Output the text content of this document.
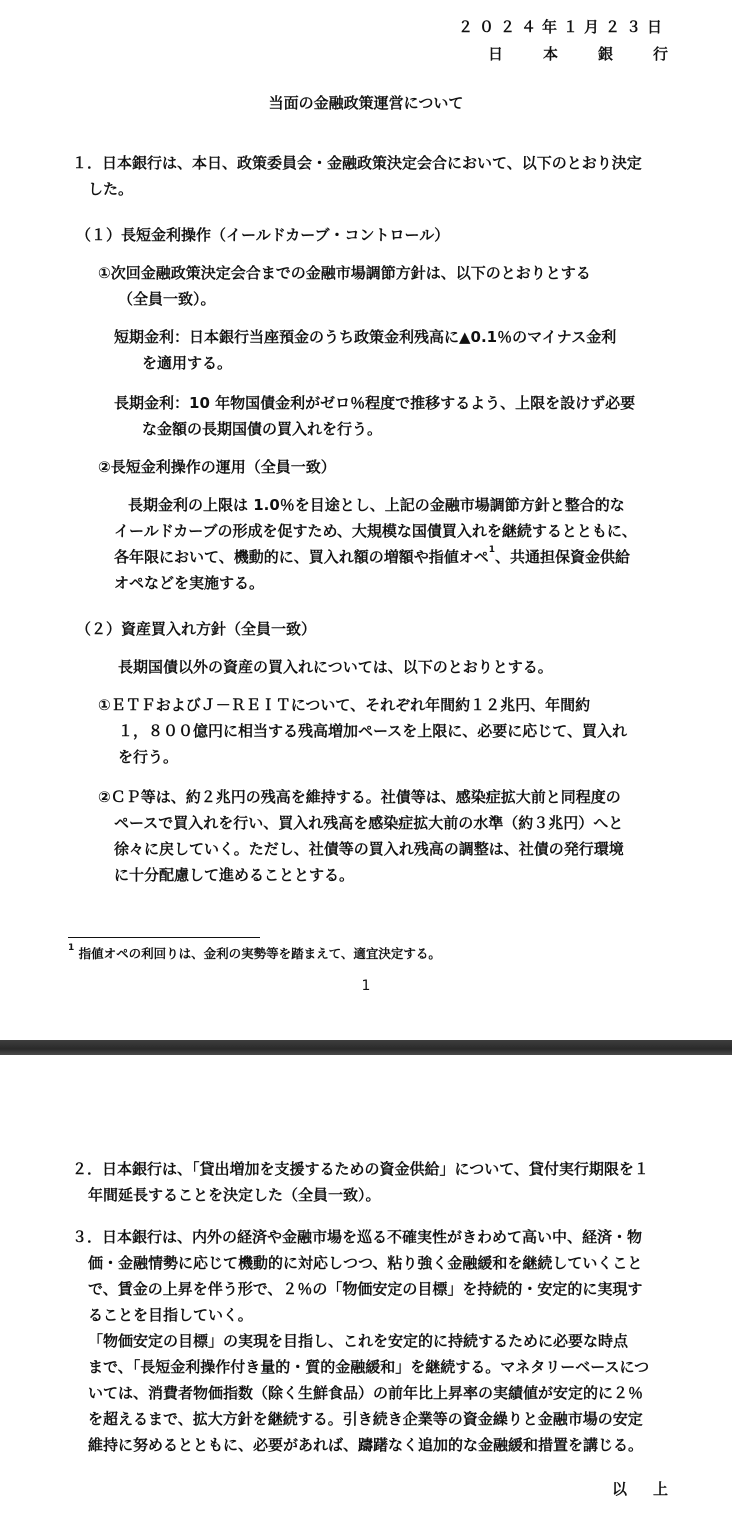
２０２４年１月２３日
日本銀行
当面の金融政策運営について
１．日本銀行は、本日、政策委員会・金融政策決定会合において、以下のとおり決定
した。
（１）長短金利操作（イールドカーブ・コントロール）
①次回金融政策決定会合までの金融市場調節方針は、以下のとおりとする
（全員一致）。
短期金利：日本銀行当座預金のうち政策金利残高に▲0.1％のマイナス金利
を適用する。
長期金利：10 年物国債金利がゼロ％程度で推移するよう、上限を設けず必要
な金額の長期国債の買入れを行う。
②長短金利操作の運用（全員一致）
長期金利の上限は 1.0％を目途とし、上記の金融市場調節方針と整合的な
イールドカーブの形成を促すため、大規模な国債買入れを継続するとともに、
各年限において、機動的に、買入れ額の増額や指値オペ$^1$、共通担保資金供給
オペなどを実施する。
（２）資産買入れ方針（全員一致）
長期国債以外の資産の買入れについては、以下のとおりとする。
①ＥＴＦおよびＪ－ＲＥＩＴについて、それぞれ年間約１２兆円、年間約
１，８００億円に相当する残高増加ペースを上限に、必要に応じて、買入れ
を行う。
②ＣＰ等は、約２兆円の残高を維持する。社債等は、感染症拡大前と同程度の
ペースで買入れを行い、買入れ残高を感染症拡大前の水準（約３兆円）へと
徐々に戻していく。ただし、社債等の買入れ残高の調整は、社債の発行環境
に十分配慮して進めることとする。
$^1$ 指値オペの利回りは、金利の実勢等を踏まえて、適宜決定する。
1
２．日本銀行は、「貸出増加を支援するための資金供給」について、貸付実行期限を１
年間延長することを決定した（全員一致）。
３．日本銀行は、内外の経済や金融市場を巡る不確実性がきわめて高い中、経済・物
価・金融情勢に応じて機動的に対応しつつ、粘り強く金融緩和を継続していくこと
で、賃金の上昇を伴う形で、２％の「物価安定の目標」を持続的・安定的に実現す
ることを目指していく。
「物価安定の目標」の実現を目指し、これを安定的に持続するために必要な時点
まで、「長短金利操作付き量的・質的金融緩和」を継続する。マネタリーベースにつ
いては、消費者物価指数（除く生鮮食品）の前年比上昇率の実績値が安定的に２％
を超えるまで、拡大方針を継続する。引き続き企業等の資金繰りと金融市場の安定
維持に努めるとともに、必要があれば、躊躇なく追加的な金融緩和措置を講じる。
以上
